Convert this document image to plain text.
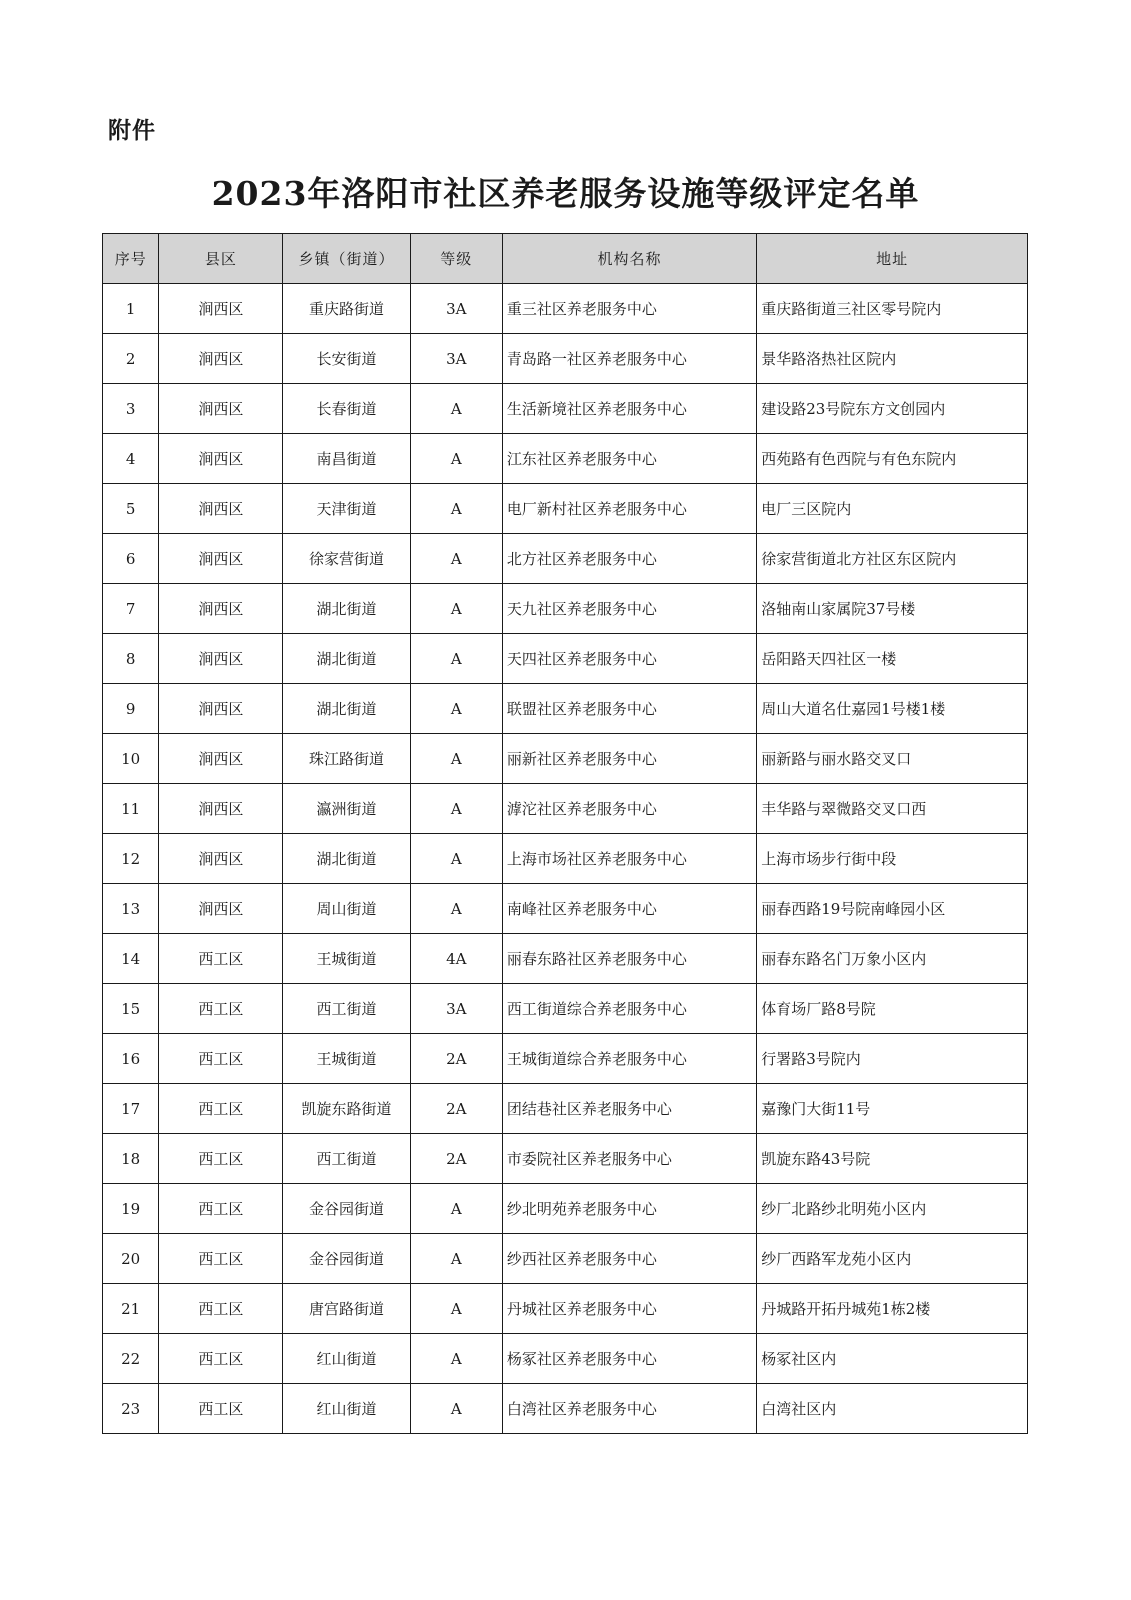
附件
2023年洛阳市社区养老服务设施等级评定名单
序号	县区	乡镇（街道）	等级	机构名称	地址
1	涧西区	重庆路街道	3A	重三社区养老服务中心	重庆路街道三社区零号院内
2	涧西区	长安街道	3A	青岛路一社区养老服务中心	景华路洛热社区院内
3	涧西区	长春街道	A	生活新境社区养老服务中心	建设路23号院东方文创园内
4	涧西区	南昌街道	A	江东社区养老服务中心	西苑路有色西院与有色东院内
5	涧西区	天津街道	A	电厂新村社区养老服务中心	电厂三区院内
6	涧西区	徐家营街道	A	北方社区养老服务中心	徐家营街道北方社区东区院内
7	涧西区	湖北街道	A	天九社区养老服务中心	洛轴南山家属院37号楼
8	涧西区	湖北街道	A	天四社区养老服务中心	岳阳路天四社区一楼
9	涧西区	湖北街道	A	联盟社区养老服务中心	周山大道名仕嘉园1号楼1楼
10	涧西区	珠江路街道	A	丽新社区养老服务中心	丽新路与丽水路交叉口
11	涧西区	瀛洲街道	A	滹沱社区养老服务中心	丰华路与翠微路交叉口西
12	涧西区	湖北街道	A	上海市场社区养老服务中心	上海市场步行街中段
13	涧西区	周山街道	A	南峰社区养老服务中心	丽春西路19号院南峰园小区
14	西工区	王城街道	4A	丽春东路社区养老服务中心	丽春东路名门万象小区内
15	西工区	西工街道	3A	西工街道综合养老服务中心	体育场厂路8号院
16	西工区	王城街道	2A	王城街道综合养老服务中心	行署路3号院内
17	西工区	凯旋东路街道	2A	团结巷社区养老服务中心	嘉豫门大街11号
18	西工区	西工街道	2A	市委院社区养老服务中心	凯旋东路43号院
19	西工区	金谷园街道	A	纱北明苑养老服务中心	纱厂北路纱北明苑小区内
20	西工区	金谷园街道	A	纱西社区养老服务中心	纱厂西路军龙苑小区内
21	西工区	唐宫路街道	A	丹城社区养老服务中心	丹城路开拓丹城苑1栋2楼
22	西工区	红山街道	A	杨冢社区养老服务中心	杨冢社区内
23	西工区	红山街道	A	白湾社区养老服务中心	白湾社区内
